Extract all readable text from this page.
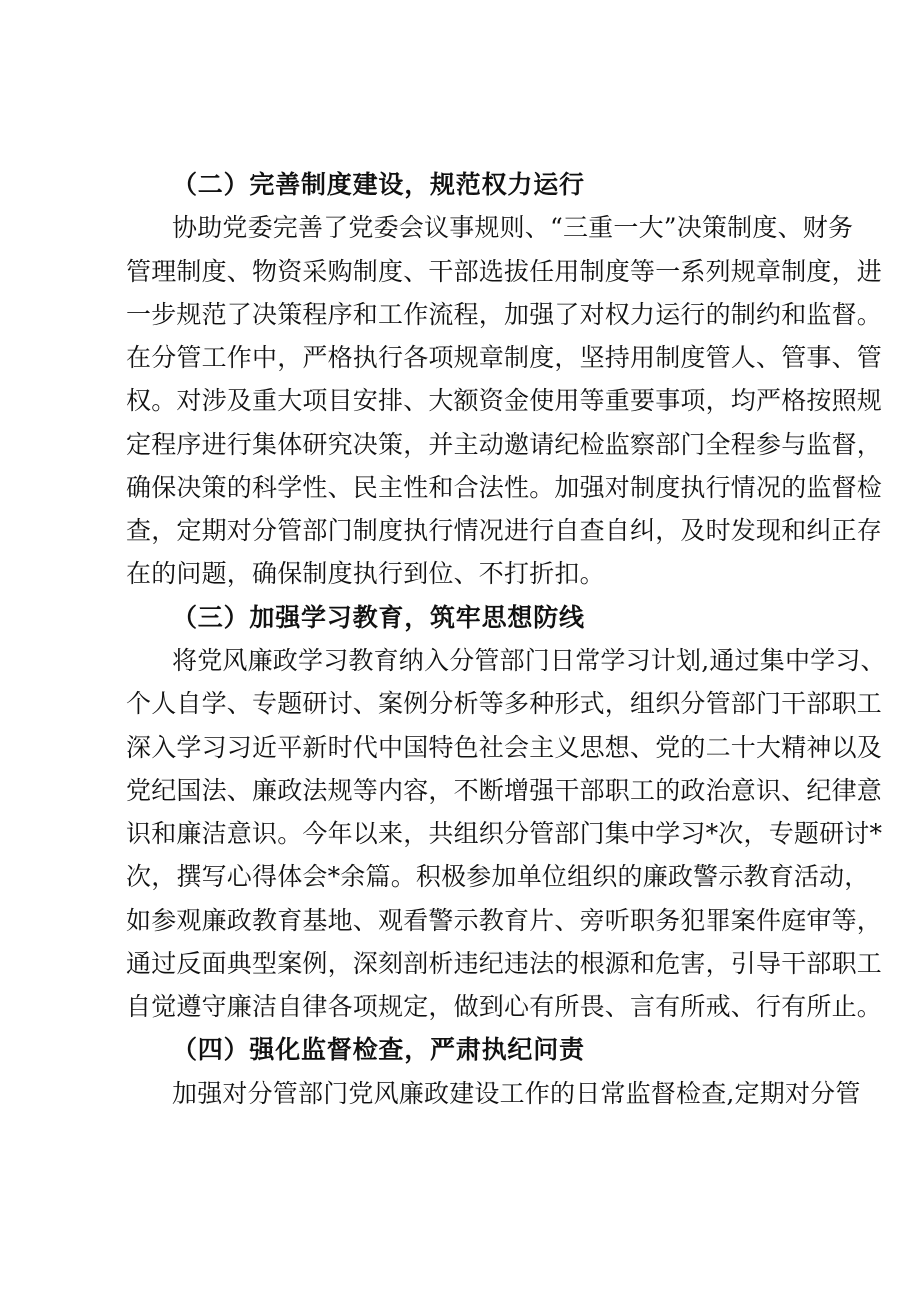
（二）完善制度建设，规范权力运行
协助党委完善了党委会议事规则、“三重一大”决策制度、财务
管理制度、物资采购制度、干部选拔任用制度等一系列规章制度，进
一步规范了决策程序和工作流程，加强了对权力运行的制约和监督。
在分管工作中，严格执行各项规章制度，坚持用制度管人、管事、管
权。对涉及重大项目安排、大额资金使用等重要事项，均严格按照规
定程序进行集体研究决策，并主动邀请纪检监察部门全程参与监督，
确保决策的科学性、民主性和合法性。加强对制度执行情况的监督检
查，定期对分管部门制度执行情况进行自查自纠，及时发现和纠正存
在的问题，确保制度执行到位、不打折扣。
（三）加强学习教育，筑牢思想防线
将党风廉政学习教育纳入分管部门日常学习计划,通过集中学习、
个人自学、专题研讨、案例分析等多种形式，组织分管部门干部职工
深入学习习近平新时代中国特色社会主义思想、党的二十大精神以及
党纪国法、廉政法规等内容，不断增强干部职工的政治意识、纪律意
识和廉洁意识。今年以来，共组织分管部门集中学习*次，专题研讨*
次，撰写心得体会*余篇。积极参加单位组织的廉政警示教育活动，
如参观廉政教育基地、观看警示教育片、旁听职务犯罪案件庭审等，
通过反面典型案例，深刻剖析违纪违法的根源和危害，引导干部职工
自觉遵守廉洁自律各项规定，做到心有所畏、言有所戒、行有所止。
（四）强化监督检查，严肃执纪问责
加强对分管部门党风廉政建设工作的日常监督检查,定期对分管
